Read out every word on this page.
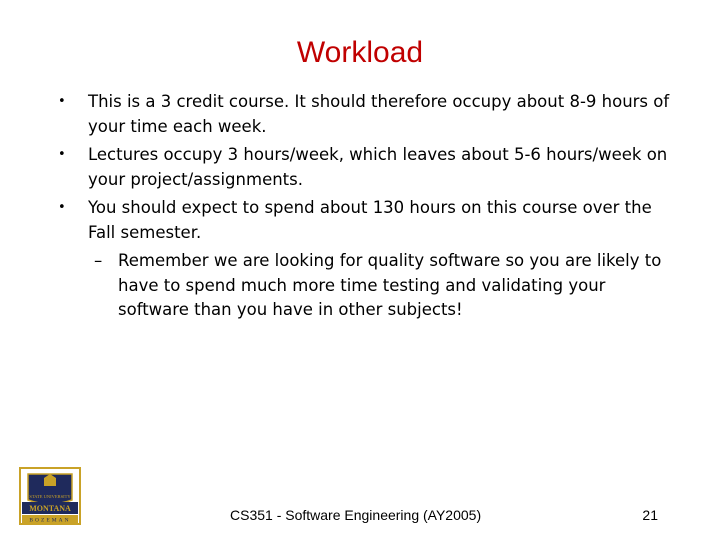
Workload
• This is a 3 credit course. It should therefore occupy about 8-9 hours of your time each week.
• Lectures occupy 3 hours/week, which leaves about 5-6 hours/week on your project/assignments.
• You should expect to spend about 130 hours on this course over the Fall semester.
– Remember we are looking for quality software so you are likely to have to spend much more time testing and validating your software than you have in other subjects!
MONTANA
STATE UNIVERSITY
BOZEMAN	CS351 - Software Engineering (AY2005)	21
